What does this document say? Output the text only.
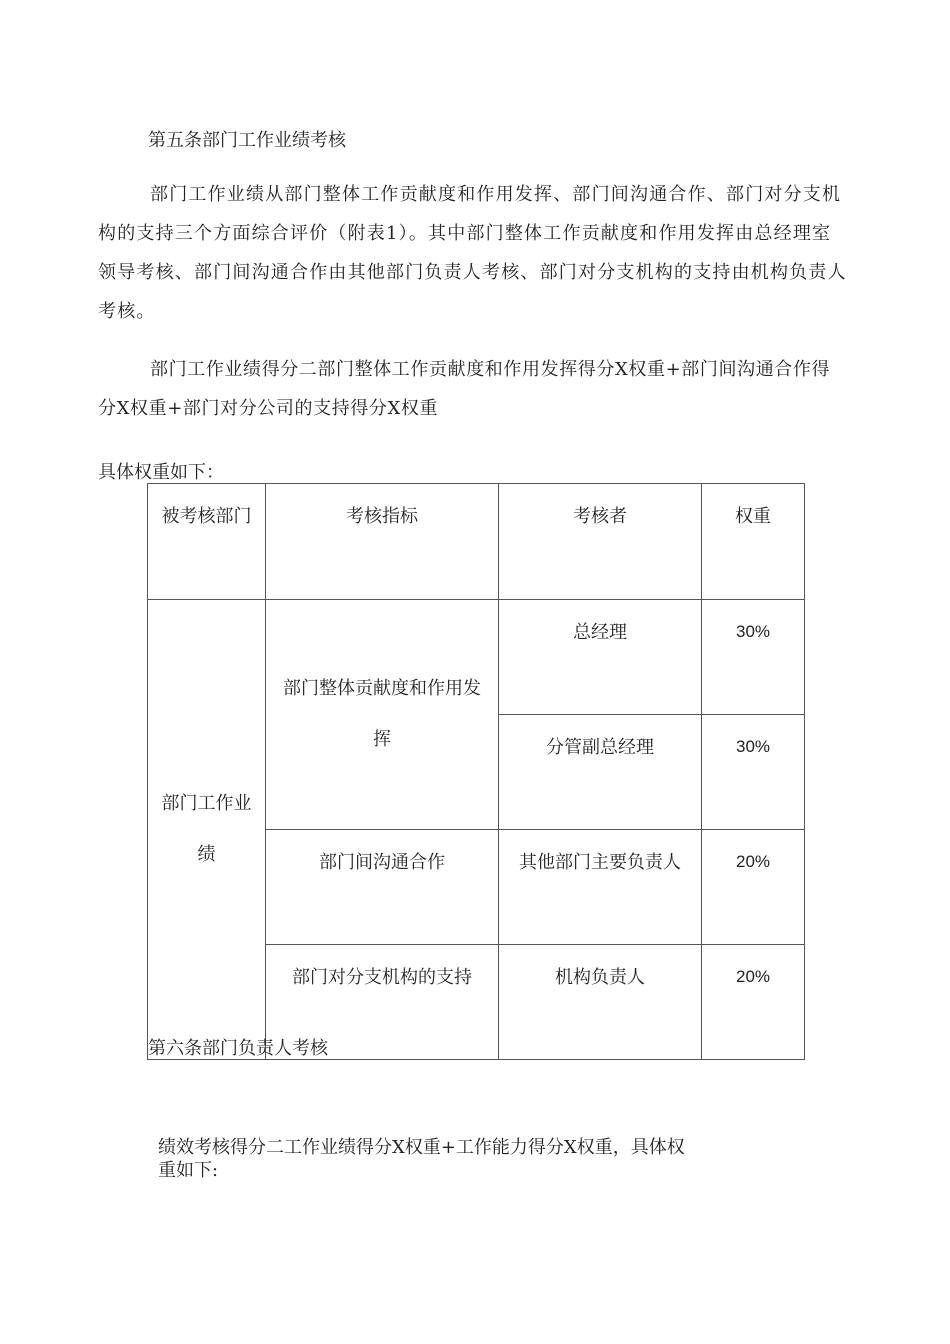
第五条部门工作业绩考核

部门工作业绩从部门整体工作贡献度和作用发挥、部门间沟通合作、部门对分支机

构的支持三个方面综合评价（附表1）。其中部门整体工作贡献度和作用发挥由总经理室

领导考核、部门间沟通合作由其他部门负责人考核、部门对分支机构的支持由机构负责人

考核。

部门工作业绩得分二部门整体工作贡献度和作用发挥得分X权重+部门间沟通合作得

分X权重+部门对分公司的支持得分X权重

具体权重如下：

被考核部门	考核指标	考核者	权重

部门工作业绩	部门整体贡献度和作用发挥	总经理	30%
		分管副总经理	30%
	部门间沟通合作	其他部门主要负责人	20%
	部门对分支机构的支持	机构负责人	20%

第六条部门负责人考核

绩效考核得分二工作业绩得分X权重+工作能力得分X权重，具体权

重如下:
